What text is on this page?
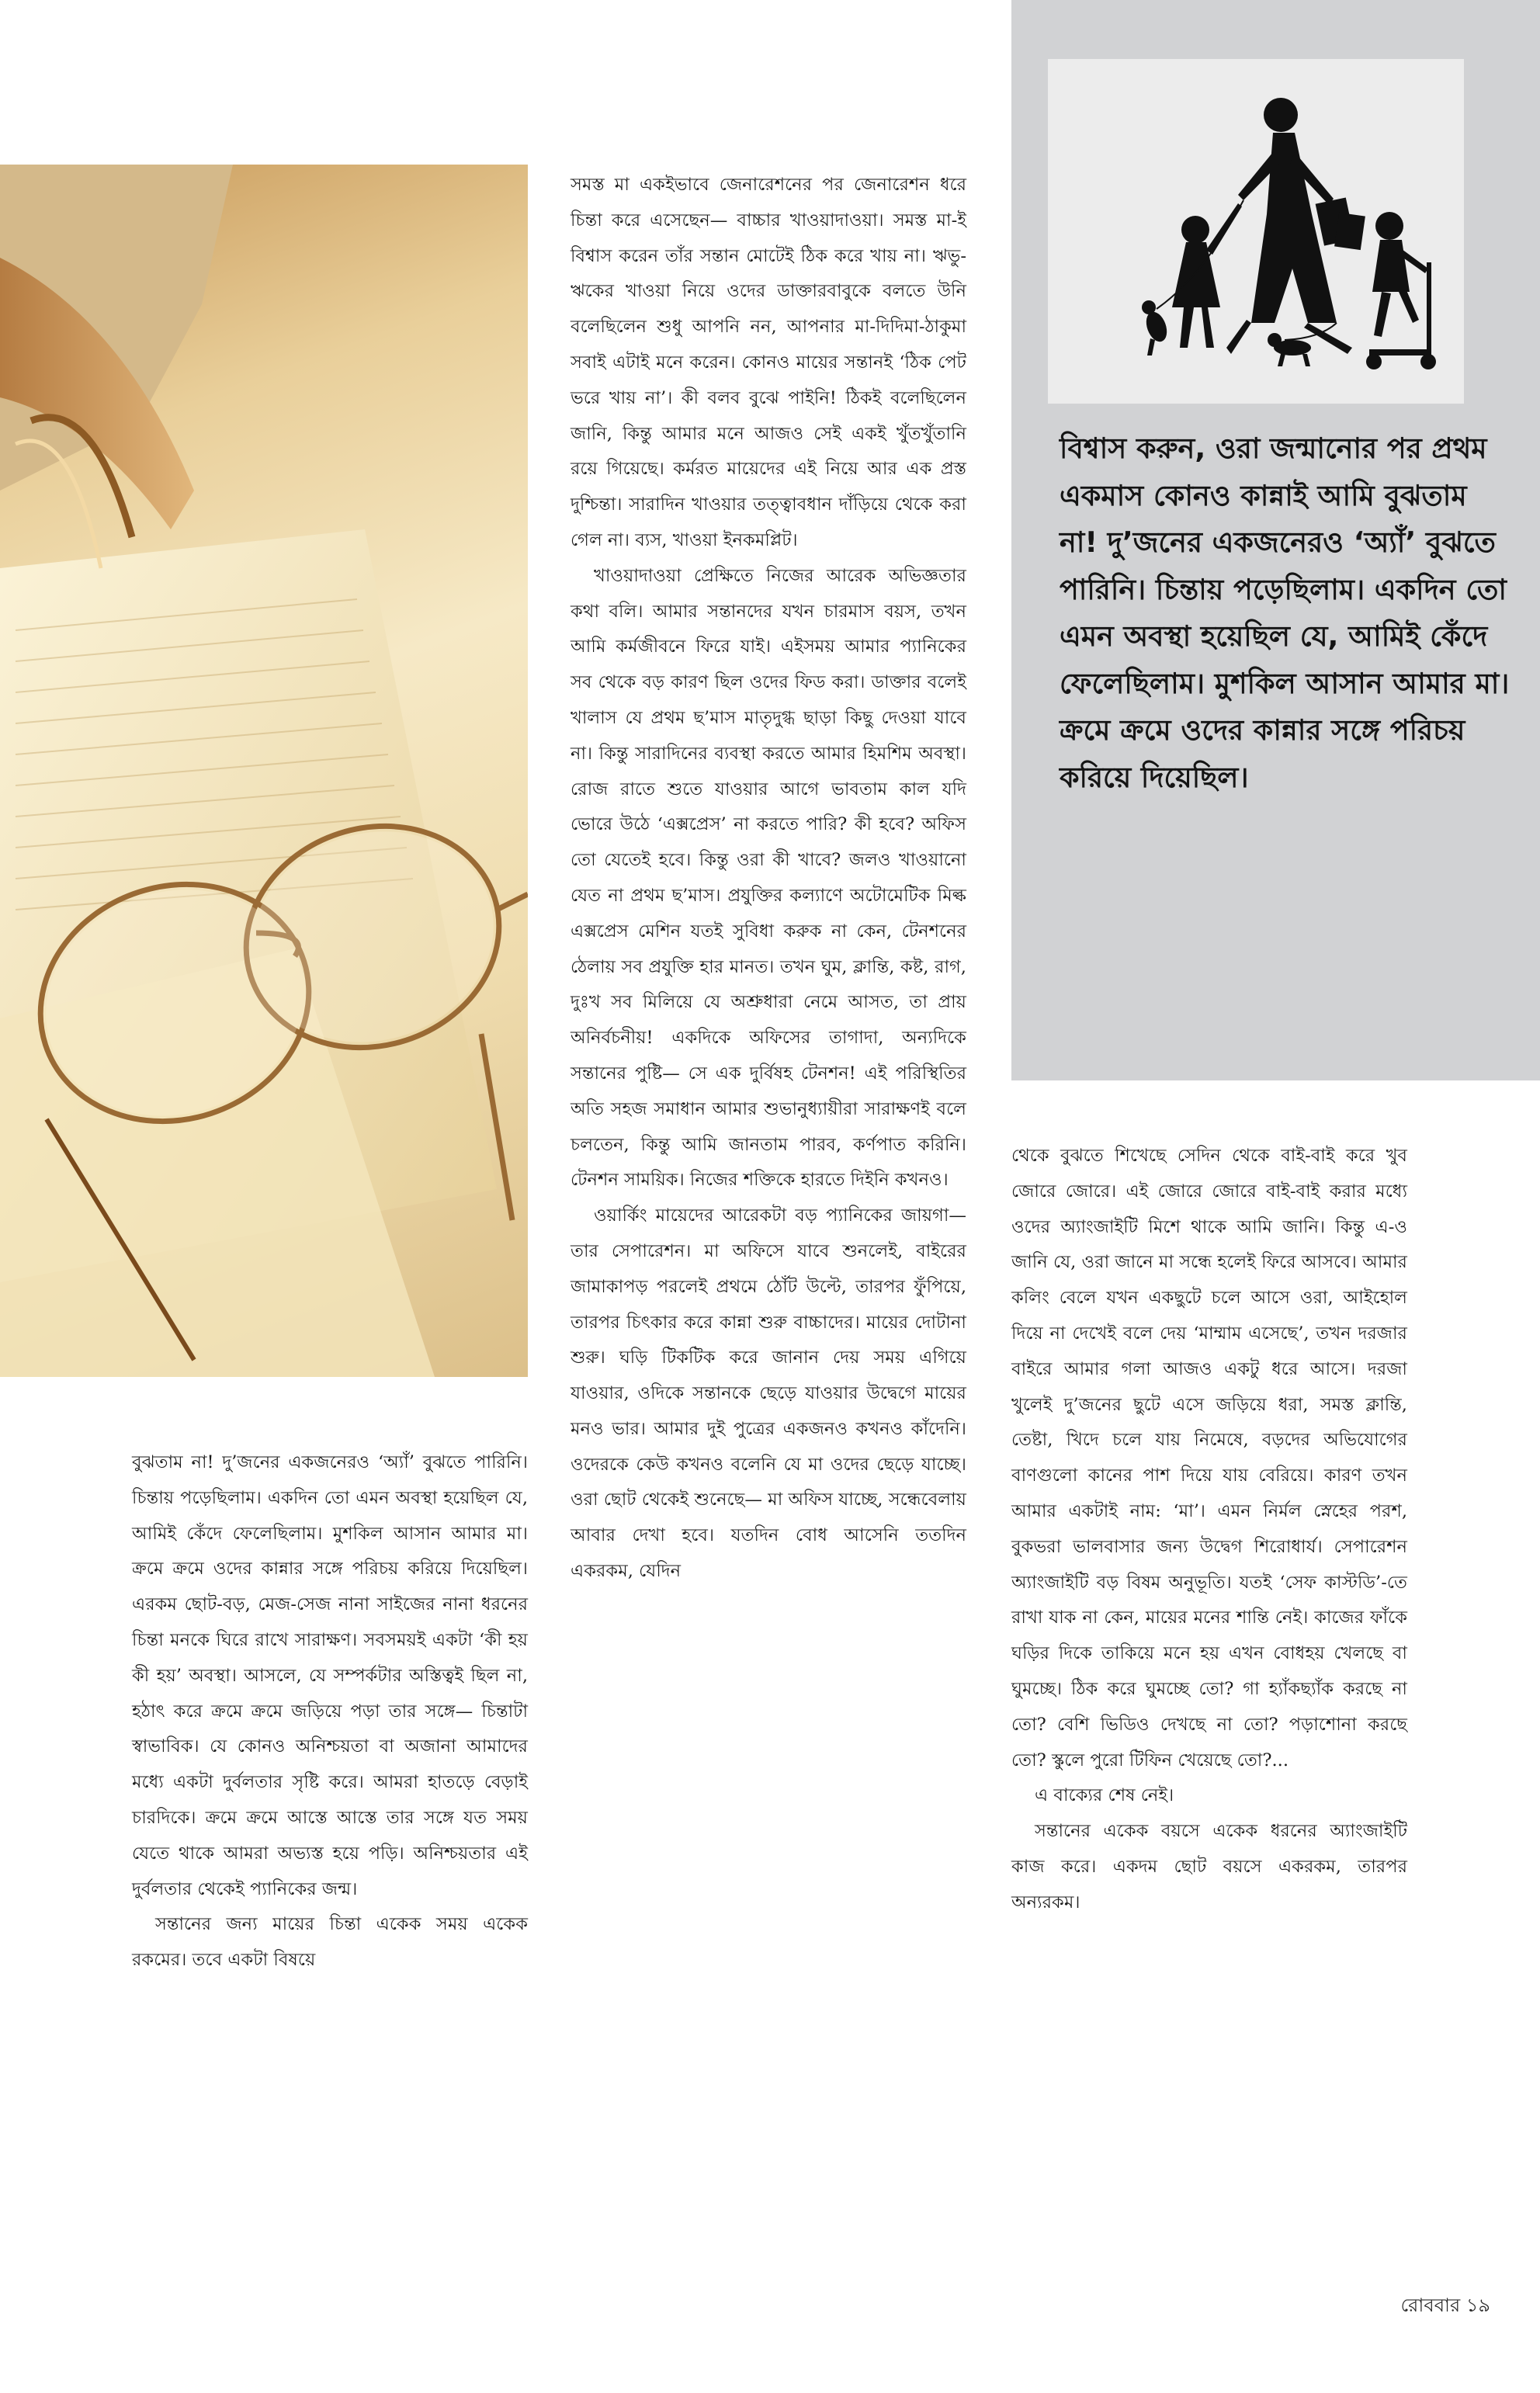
বিশ্বাস করুন, ওরা জন্মানোর পর প্রথম একমাস কোনও কান্নাই আমি বুঝতাম না! দু’জনের একজনেরও ‘অ্যাঁ’ বুঝতে পারিনি। চিন্তায় পড়েছিলাম। একদিন তো এমন অবস্থা হয়েছিল যে, আমিই কেঁদে ফেলেছিলাম। মুশকিল আসান আমার মা। ক্রমে ক্রমে ওদের কান্নার সঙ্গে পরিচয় করিয়ে দিয়েছিল।

সমস্ত মা একইভাবে জেনারেশনের পর জেনারেশন ধরে চিন্তা করে এসেছেন— বাচ্চার খাওয়াদাওয়া। সমস্ত মা-ই বিশ্বাস করেন তাঁর সন্তান মোটেই ঠিক করে খায় না। ঋভু-ঋকের খাওয়া নিয়ে ওদের ডাক্তারবাবুকে বলতে উনি বলেছিলেন শুধু আপনি নন, আপনার মা-দিদিমা-ঠাকুমা সবাই এটাই মনে করেন। কোনও মায়ের সন্তানই ‘ঠিক পেট ভরে খায় না’। কী বলব বুঝে পাইনি! ঠিকই বলেছিলেন জানি, কিন্তু আমার মনে আজও সেই একই খুঁতখুঁতানি রয়ে গিয়েছে। কর্মরত মায়েদের এই নিয়ে আর এক প্রস্ত দুশ্চিন্তা। সারাদিন খাওয়ার তত্ত্বাবধান দাঁড়িয়ে থেকে করা গেল না। ব্যস, খাওয়া ইনকমপ্লিট।

খাওয়াদাওয়া প্রেক্ষিতে নিজের আরেক অভিজ্ঞতার কথা বলি। আমার সন্তানদের যখন চারমাস বয়স, তখন আমি কর্মজীবনে ফিরে যাই। এইসময় আমার প্যানিকের সব থেকে বড় কারণ ছিল ওদের ফিড করা। ডাক্তার বলেই খালাস যে প্রথম ছ’মাস মাতৃদুগ্ধ ছাড়া কিছু দেওয়া যাবে না। কিন্তু সারাদিনের ব্যবস্থা করতে আমার হিমশিম অবস্থা। রোজ রাতে শুতে যাওয়ার আগে ভাবতাম কাল যদি ভোরে উঠে ‘এক্সপ্রেস’ না করতে পারি? কী হবে? অফিস তো যেতেই হবে। কিন্তু ওরা কী খাবে? জলও খাওয়ানো যেত না প্রথম ছ’মাস। প্রযুক্তির কল্যাণে অটোমেটিক মিল্ক এক্সপ্রেস মেশিন যতই সুবিধা করুক না কেন, টেনশনের ঠেলায় সব প্রযুক্তি হার মানত। তখন ঘুম, ক্লান্তি, কষ্ট, রাগ, দুঃখ সব মিলিয়ে যে অশ্রুধারা নেমে আসত, তা প্রায় অনির্বচনীয়! একদিকে অফিসের তাগাদা, অন্যদিকে সন্তানের পুষ্টি— সে এক দুর্বিষহ টেনশন! এই পরিস্থিতির অতি সহজ সমাধান আমার শুভানুধ্যায়ীরা সারাক্ষণই বলে চলতেন, কিন্তু আমি জানতাম পারব, কর্ণপাত করিনি। টেনশন সাময়িক। নিজের শক্তিকে হারতে দিইনি কখনও।

ওয়ার্কিং মায়েদের আরেকটা বড় প্যানিকের জায়গা— তার সেপারেশন। মা অফিসে যাবে শুনলেই, বাইরের জামাকাপড় পরলেই প্রথমে ঠোঁট উল্টে, তারপর ফুঁপিয়ে, তারপর চিৎকার করে কান্না শুরু বাচ্চাদের। মায়ের দোটানা শুরু। ঘড়ি টিকটিক করে জানান দেয় সময় এগিয়ে যাওয়ার, ওদিকে সন্তানকে ছেড়ে যাওয়ার উদ্বেগে মায়ের মনও ভার। আমার দুই পুত্রের একজনও কখনও কাঁদেনি। ওদেরকে কেউ কখনও বলেনি যে মা ওদের ছেড়ে যাচ্ছে। ওরা ছোট থেকেই শুনেছে— মা অফিস যাচ্ছে, সন্ধেবেলায় আবার দেখা হবে। যতদিন বোধ আসেনি ততদিন একরকম, যেদিন

বুঝতাম না! দু’জনের একজনেরও ‘অ্যাঁ’ বুঝতে পারিনি। চিন্তায় পড়েছিলাম। একদিন তো এমন অবস্থা হয়েছিল যে, আমিই কেঁদে ফেলেছিলাম। মুশকিল আসান আমার মা। ক্রমে ক্রমে ওদের কান্নার সঙ্গে পরিচয় করিয়ে দিয়েছিল। এরকম ছোট-বড়, মেজ-সেজ নানা সাইজের নানা ধরনের চিন্তা মনকে ঘিরে রাখে সারাক্ষণ। সবসময়ই একটা ‘কী হয় কী হয়’ অবস্থা। আসলে, যে সম্পর্কটার অস্তিত্বই ছিল না, হঠাৎ করে ক্রমে ক্রমে জড়িয়ে পড়া তার সঙ্গে— চিন্তাটা স্বাভাবিক। যে কোনও অনিশ্চয়তা বা অজানা আমাদের মধ্যে একটা দুর্বলতার সৃষ্টি করে। আমরা হাতড়ে বেড়াই চারদিকে। ক্রমে ক্রমে আস্তে আস্তে তার সঙ্গে যত সময় যেতে থাকে আমরা অভ্যস্ত হয়ে পড়ি। অনিশ্চয়তার এই দুর্বলতার থেকেই প্যানিকের জন্ম।

সন্তানের জন্য মায়ের চিন্তা একেক সময় একেক রকমের। তবে একটা বিষয়ে

থেকে বুঝতে শিখেছে সেদিন থেকে বাই-বাই করে খুব জোরে জোরে। এই জোরে জোরে বাই-বাই করার মধ্যে ওদের অ্যাংজাইটি মিশে থাকে আমি জানি। কিন্তু এ-ও জানি যে, ওরা জানে মা সন্ধে হলেই ফিরে আসবে। আমার কলিং বেলে যখন একছুটে চলে আসে ওরা, আইহোল দিয়ে না দেখেই বলে দেয় ‘মাম্মাম এসেছে’, তখন দরজার বাইরে আমার গলা আজও একটু ধরে আসে। দরজা খুলেই দু’জনের ছুটে এসে জড়িয়ে ধরা, সমস্ত ক্লান্তি, তেষ্টা, খিদে চলে যায় নিমেষে, বড়দের অভিযোগের বাণগুলো কানের পাশ দিয়ে যায় বেরিয়ে। কারণ তখন আমার একটাই নাম: ‘মা’। এমন নির্মল স্নেহের পরশ, বুকভরা ভালবাসার জন্য উদ্বেগ শিরোধার্য। সেপারেশন অ্যাংজাইটি বড় বিষম অনুভূতি। যতই ‘সেফ কাস্টডি’-তে রাখা যাক না কেন, মায়ের মনের শান্তি নেই। কাজের ফাঁকে ঘড়ির দিকে তাকিয়ে মনে হয় এখন বোধহয় খেলছে বা ঘুমচ্ছে। ঠিক করে ঘুমচ্ছে তো? গা হ্যাঁকছ্যাঁক করছে না তো? বেশি ভিডিও দেখছে না তো? পড়াশোনা করছে তো? স্কুলে পুরো টিফিন খেয়েছে তো?...

এ বাক্যের শেষ নেই।

সন্তানের একেক বয়সে একেক ধরনের অ্যাংজাইটি কাজ করে। একদম ছোট বয়সে একরকম, তারপর অন্যরকম।

রোববার ১৯
